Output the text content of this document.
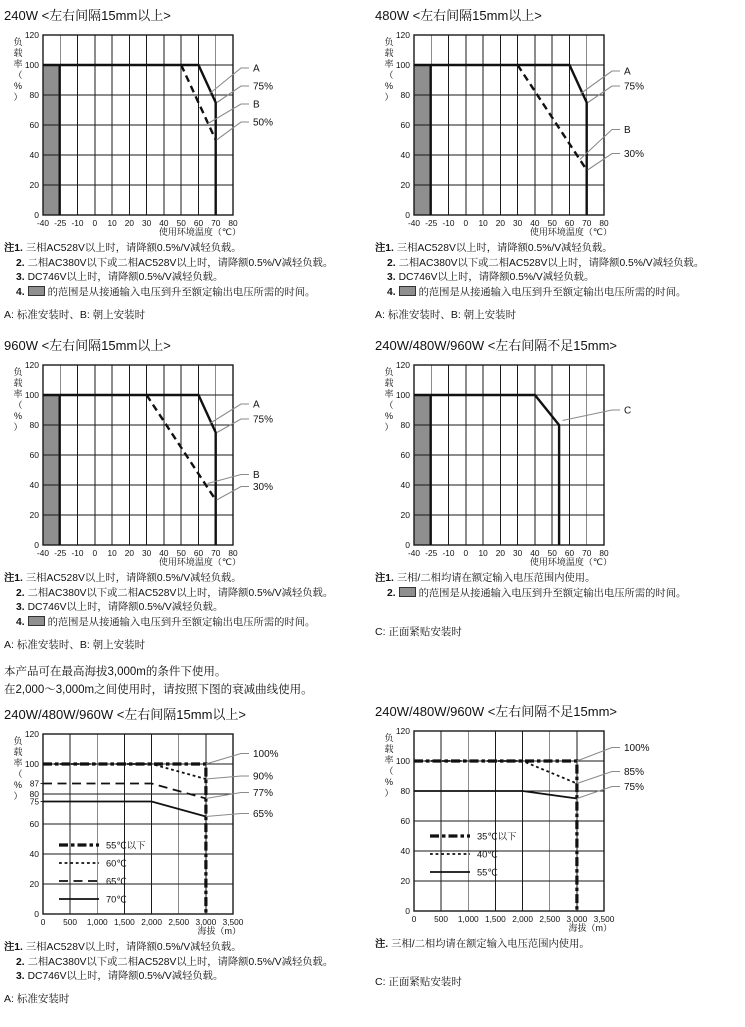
240W <左右间隔15mm以上>
A
75%
B
50%
-40 -25 -10 0 10 20 30 40 50 60 70 80
0
20
40
60
80
100
120
使用环境温度（℃）
负
载
率
（
%
）
注1. 三相AC528V以上时，请降额0.5%/V减轻负载。
2. 二相AC380V以下或二相AC528V以上时，请降额0.5%/V减轻负载。
3. DC746V以上时，请降额0.5%/V减轻负载。
4. 的范围是从接通输入电压到升至额定输出电压所需的时间。
A: 标准安装时、B: 朝上安装时
480W <左右间隔15mm以上>
A
75%
B
30%
-40 -25 -10 0 10 20 30 40 50 60 70 80
0
20
40
60
80
100
120
使用环境温度（℃）
负
载
率
（
%
）
注1. 三相AC528V以上时，请降额0.5%/V减轻负载。
2. 二相AC380V以下或二相AC528V以上时，请降额0.5%/V减轻负载。
3. DC746V以上时，请降额0.5%/V减轻负载。
4. 的范围是从接通输入电压到升至额定输出电压所需的时间。
A: 标准安装时、B: 朝上安装时
960W <左右间隔15mm以上>
A
75%
B
30%
-40 -25 -10 0 10 20 30 40 50 60 70 80
0
20
40
60
80
100
120
使用环境温度（℃）
负
载
率
（
%
）
注1. 三相AC528V以上时，请降额0.5%/V减轻负载。
2. 二相AC380V以下或二相AC528V以上时，请降额0.5%/V减轻负载。
3. DC746V以上时，请降额0.5%/V减轻负载。
4. 的范围是从接通输入电压到升至额定输出电压所需的时间。
A: 标准安装时、B: 朝上安装时
240W/480W/960W <左右间隔不足15mm>
C
-40 -25 -10 0 10 20 30 40 50 60 70 80
0
20
40
60
80
100
120
使用环境温度（℃）
负
载
率
（
%
）
注1. 三相/二相均请在额定输入电压范围内使用。
2. 的范围是从接通输入电压到升至额定输出电压所需的时间。
C: 正面紧贴安装时

本产品可在最高海拔3,000m的条件下使用。

在2,000～3,000m之间使用时，请按照下图的衰减曲线使用。

240W/480W/960W <左右间隔15mm以上>
100%
90%
77%
65%
0 500 1,000 1,500 2,000 2,500 3,000 3,500
0
20
40
60
80
100
120
87
75
海拔（m）
负
载
率
（
%
）
55℃以下
60℃
65℃
70℃
注1. 三相AC528V以上时，请降额0.5%/V减轻负载。
2. 二相AC380V以下或二相AC528V以上时，请降额0.5%/V减轻负载。
3. DC746V以上时，请降额0.5%/V减轻负载。
A: 标准安装时
240W/480W/960W <左右间隔不足15mm>
100%
85%
75%
0 500 1,000 1,500 2,000 2,500 3,000 3,500
0
20
40
60
80
100
120
海拔（m）
负
载
率
（
%
）
35℃以下
40℃
55℃
注. 三相/二相均请在额定输入电压范围内使用。
C: 正面紧贴安装时
